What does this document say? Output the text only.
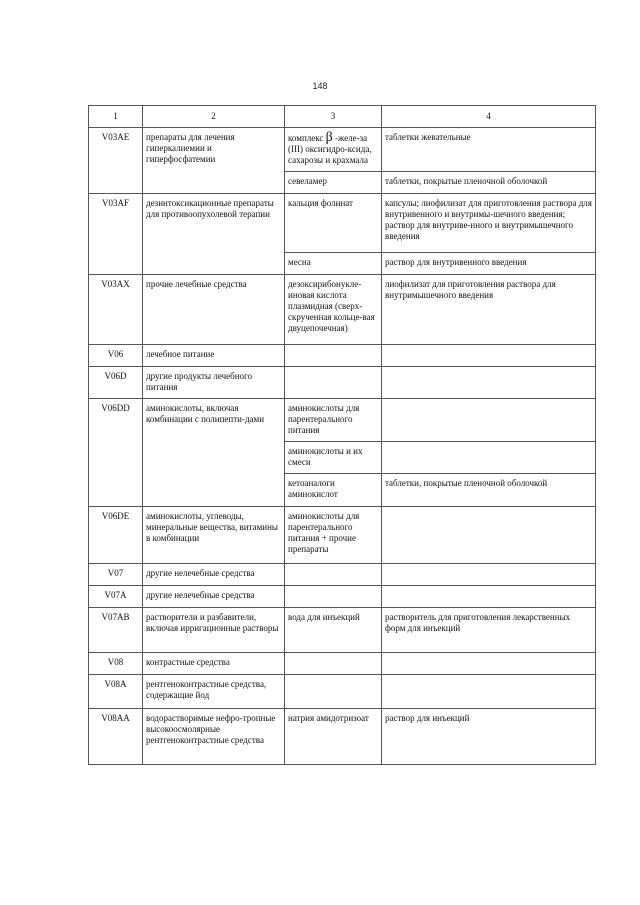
148
1	2	3	4
V03AE	препараты для лечения гиперкалиемии и гиперфосфатемии	комплекс β -желе-за (III) оксигидро-ксида, сахарозы и крахмала	таблетки жевательные
		севеламер	таблетки, покрытые пленочной оболочкой
V03AF	дезинтоксикационные препараты для противоопухолевой терапии	кальция фолинат	капсулы; лиофилизат для приготовления раствора для внутривенного и внутримы-шечного введения; раствор для внутриве-нного и внутримышечного введения
		месна	раствор для внутривенного введения
V03AX	прочие лечебные средства	дезоксирибонукле-иновая кислота плазмидная (сверх-скрученная кольце-вая двуцепочечная)	лиофилизат для приготовления раствора для внутримышечного введения
V06	лечебное питание		
V06D	другие продукты лечебного питания		
V06DD	аминокислоты, включая комбинации с полипепти-дами	аминокислоты для парентерального питания	
		аминокислоты и их смеси	
		кетоаналоги аминокислот	таблетки, покрытые пленочной оболочкой
V06DE	аминокислоты, углеводы, минеральные вещества, витамины в комбинации	аминокислоты для парентерального питания + прочие препараты	
V07	другие нелечебные средства		
V07A	другие нелечебные средства		
V07AB	растворители и разбавители, включая ирригационные растворы	вода для инъекций	растворитель для приготовления лекарственных форм для инъекций
V08	контрастные средства		
V08A	рентгеноконтрастные средства, содержащие йод		
V08AA	водорастворимые нефро-тропные высокоосмолярные рентгеноконтрастные средства	натрия амидотризоат	раствор для инъекций
